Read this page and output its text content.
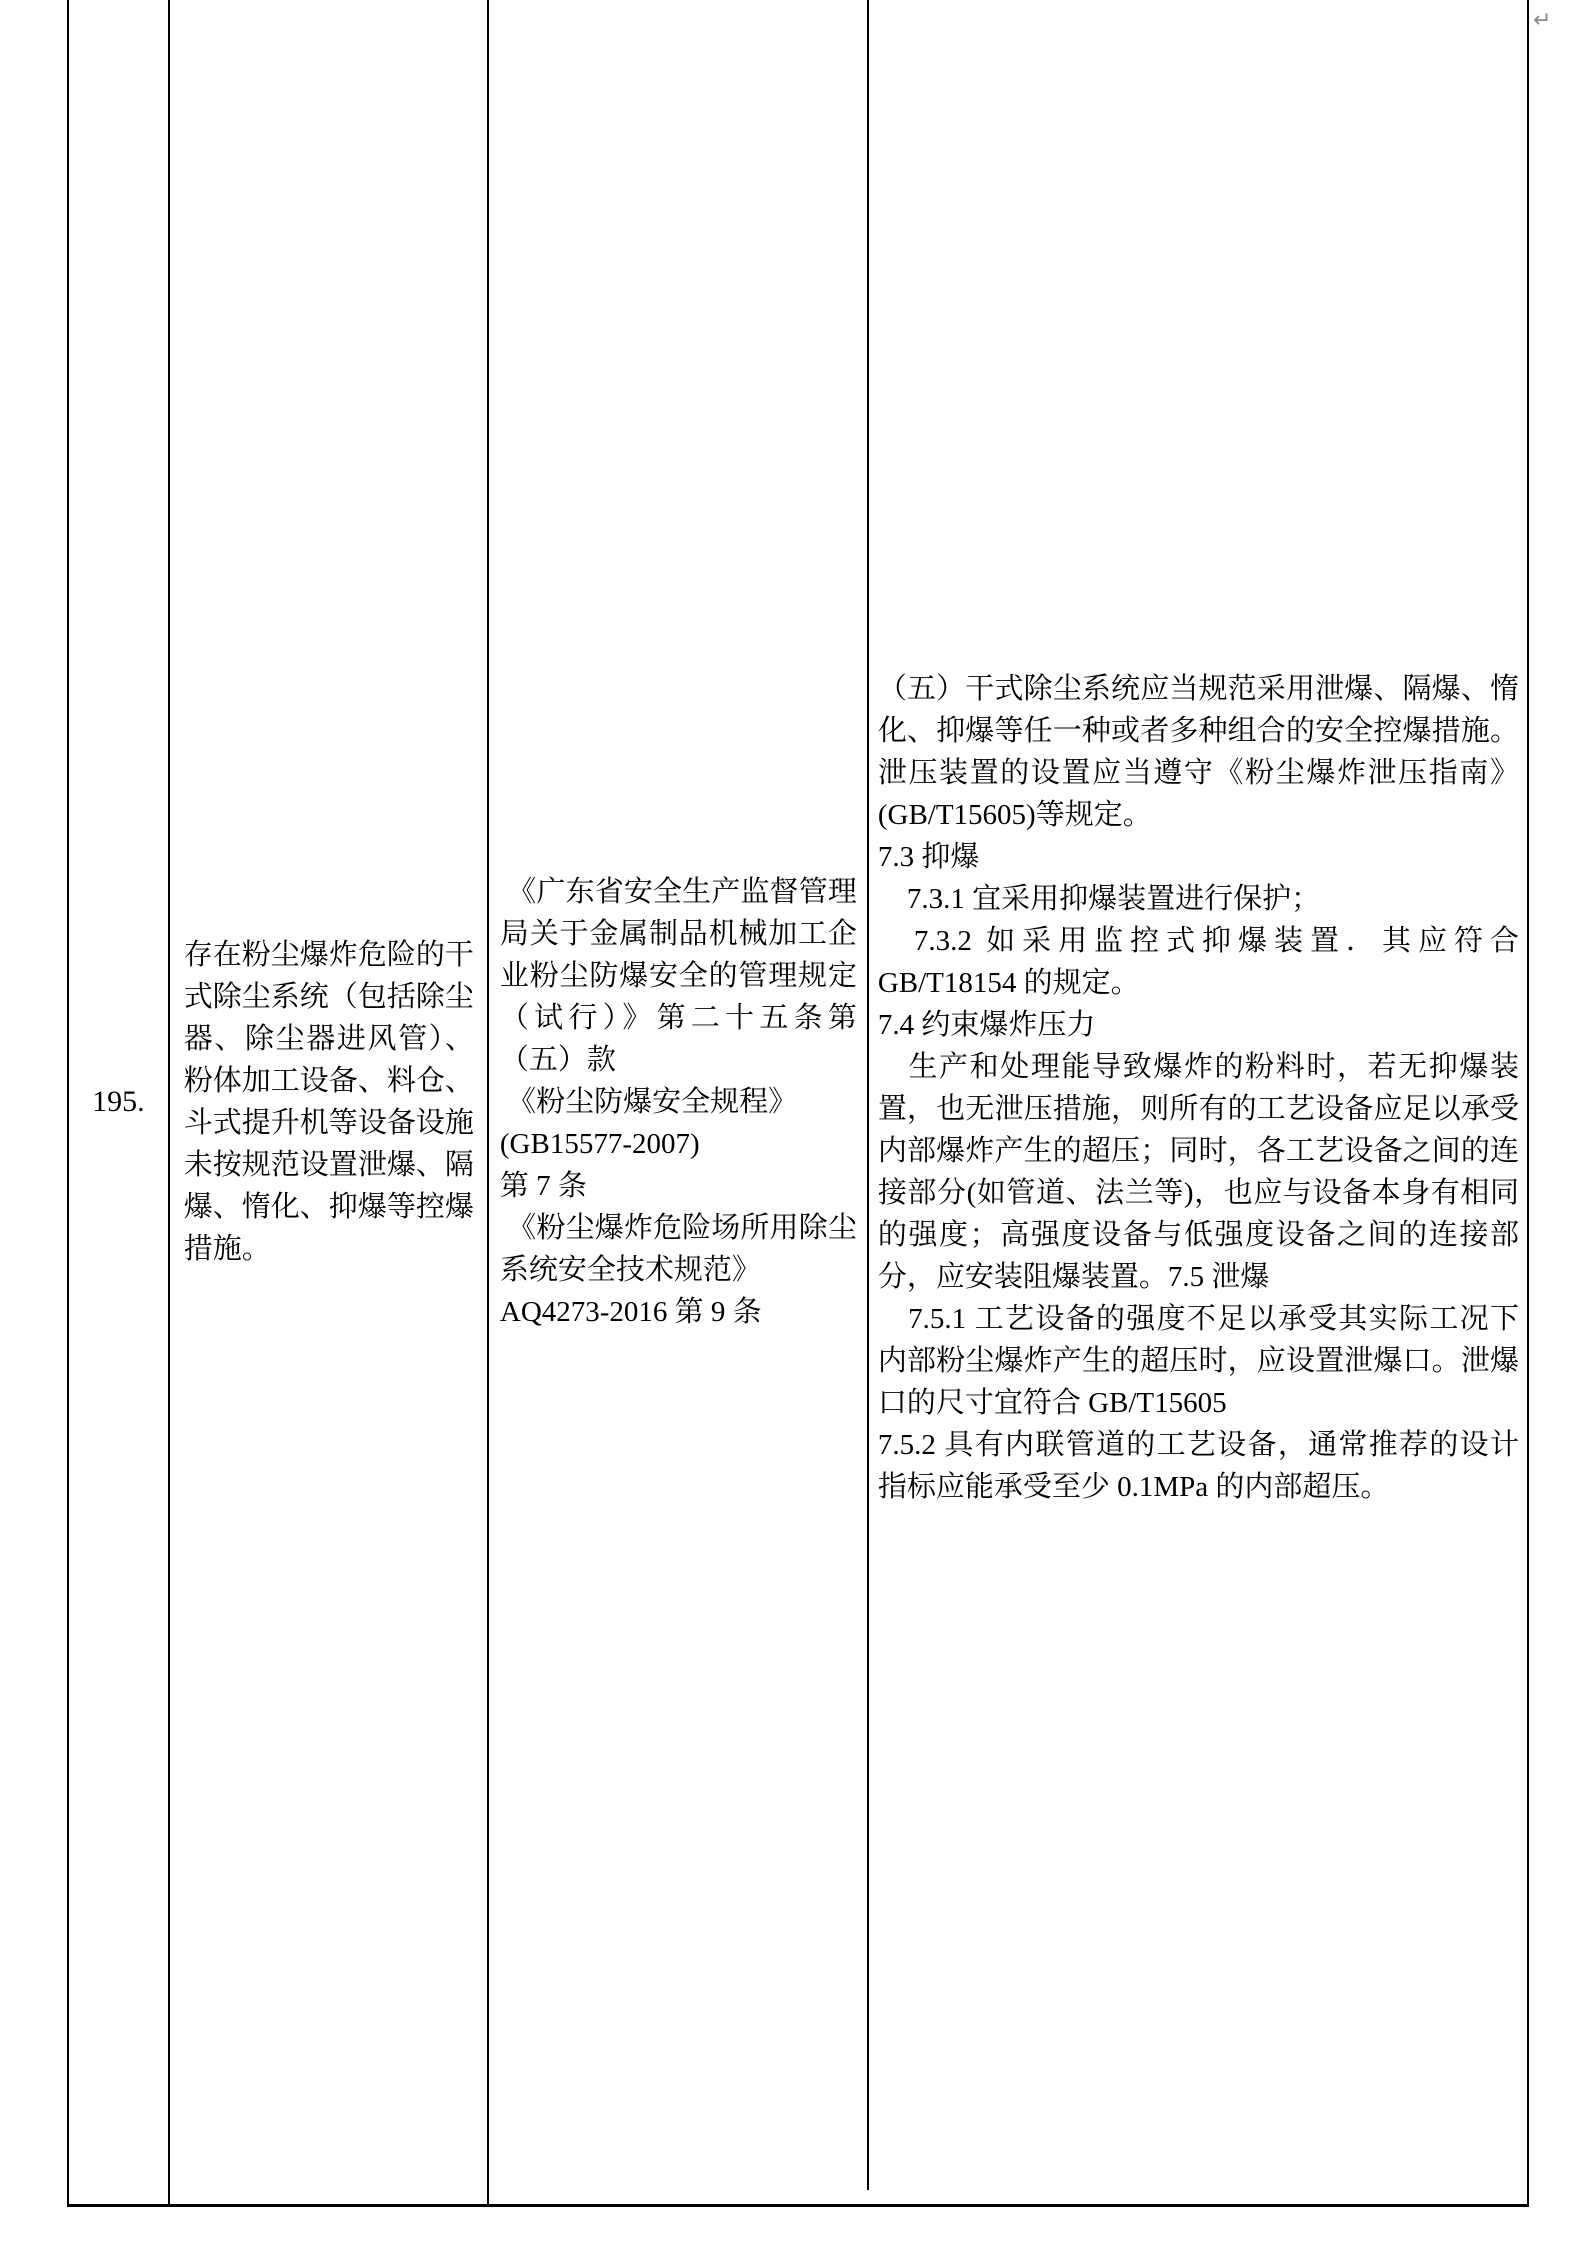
↵
195.
存在粉尘爆炸危险的干式除尘系统（包括除尘器、除尘器进风管）、粉体加工设备、料仓、斗式提升机等设备设施未按规范设置泄爆、隔爆、惰化、抑爆等控爆措施。
《广东省安全生产监督管理局关于金属制品机械加工企业粉尘防爆安全的管理规定（试行）》第二十五条第（五）款
《粉尘防爆安全规程》
(GB15577-2007)
第 7 条
《粉尘爆炸危险场所用除尘系统安全技术规范》
AQ4273-2016 第 9 条
（五）干式除尘系统应当规范采用泄爆、隔爆、惰化、抑爆等任一种或者多种组合的安全控爆措施。泄压装置的设置应当遵守《粉尘爆炸泄压指南》(GB/T15605)等规定。
7.3 抑爆
　7.3.1 宜采用抑爆装置进行保护；
　7.3.2 如采用监控式抑爆装置．其应符合 GB/T18154 的规定。
7.4 约束爆炸压力
　生产和处理能导致爆炸的粉料时，若无抑爆装置，也无泄压措施，则所有的工艺设备应足以承受内部爆炸产生的超压；同时，各工艺设备之间的连接部分(如管道、法兰等)，也应与设备本身有相同的强度；高强度设备与低强度设备之间的连接部分，应安装阻爆装置。7.5 泄爆
　7.5.1 工艺设备的强度不足以承受其实际工况下内部粉尘爆炸产生的超压时，应设置泄爆口。泄爆口的尺寸宜符合 GB/T15605
7.5.2 具有内联管道的工艺设备，通常推荐的设计指标应能承受至少 0.1MPa 的内部超压。
